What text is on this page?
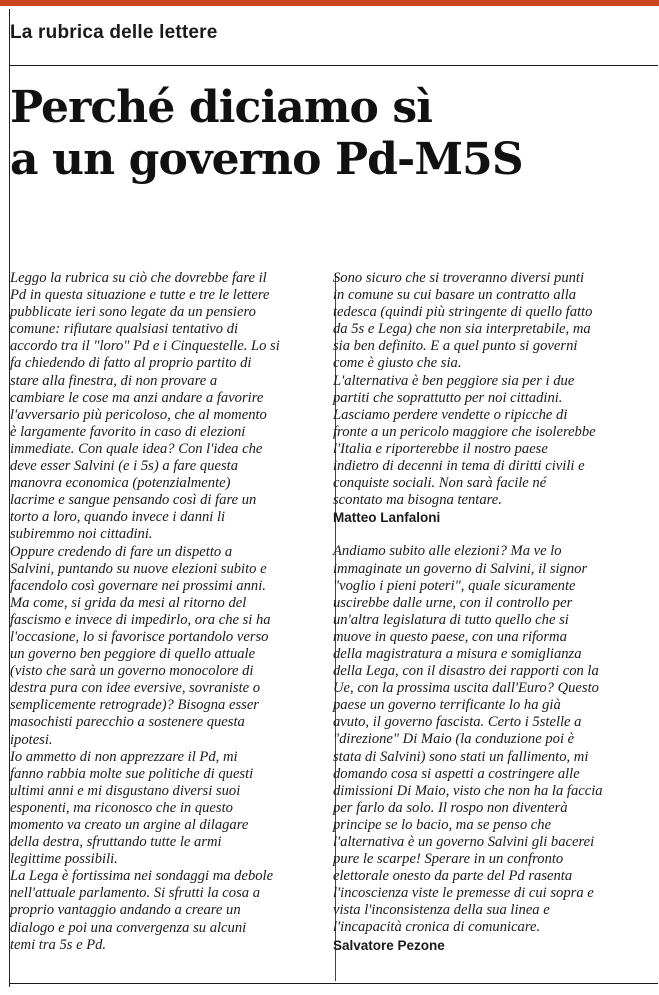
La rubrica delle lettere
Perché diciamo sì
a un governo Pd-M5S

Leggo la rubrica su ciò che dovrebbe fare il
Pd in questa situazione e tutte e tre le lettere
pubblicate ieri sono legate da un pensiero
comune: rifiutare qualsiasi tentativo di
accordo tra il "loro" Pd e i Cinquestelle. Lo si
fa chiedendo di fatto al proprio partito di
stare alla finestra, di non provare a
cambiare le cose ma anzi andare a favorire
l'avversario più pericoloso, che al momento
è largamente favorito in caso di elezioni
immediate. Con quale idea? Con l'idea che
deve esser Salvini (e i 5s) a fare questa
manovra economica (potenzialmente)
lacrime e sangue pensando così di fare un
torto a loro, quando invece i danni li
subiremmo noi cittadini.
Oppure credendo di fare un dispetto a
Salvini, puntando su nuove elezioni subito e
facendolo così governare nei prossimi anni.
Ma come, si grida da mesi al ritorno del
fascismo e invece di impedirlo, ora che si ha
l'occasione, lo si favorisce portandolo verso
un governo ben peggiore di quello attuale
(visto che sarà un governo monocolore di
destra pura con idee eversive, sovraniste o
semplicemente retrograde)? Bisogna esser
masochisti parecchio a sostenere questa
ipotesi.
Io ammetto di non apprezzare il Pd, mi
fanno rabbia molte sue politiche di questi
ultimi anni e mi disgustano diversi suoi
esponenti, ma riconosco che in questo
momento va creato un argine al dilagare
della destra, sfruttando tutte le armi
legittime possibili.
La Lega è fortissima nei sondaggi ma debole
nell'attuale parlamento. Si sfrutti la cosa a
proprio vantaggio andando a creare un
dialogo e poi una convergenza su alcuni
temi tra 5s e Pd.

Sono sicuro che si troveranno diversi punti
in comune su cui basare un contratto alla
tedesca (quindi più stringente di quello fatto
da 5s e Lega) che non sia interpretabile, ma
sia ben definito. E a quel punto si governi
come è giusto che sia.
L'alternativa è ben peggiore sia per i due
partiti che soprattutto per noi cittadini.
Lasciamo perdere vendette o ripicche di
fronte a un pericolo maggiore che isolerebbe
l'Italia e riporterebbe il nostro paese
indietro di decenni in tema di diritti civili e
conquiste sociali. Non sarà facile né
scontato ma bisogna tentare.

Matteo Lanfaloni

Andiamo subito alle elezioni? Ma ve lo
immaginate un governo di Salvini, il signor
"voglio i pieni poteri", quale sicuramente
uscirebbe dalle urne, con il controllo per
un'altra legislatura di tutto quello che si
muove in questo paese, con una riforma
della magistratura a misura e somiglianza
della Lega, con il disastro dei rapporti con la
Ue, con la prossima uscita dall'Euro? Questo
paese un governo terrificante lo ha già
avuto, il governo fascista. Certo i 5stelle a
"direzione" Di Maio (la conduzione poi è
stata di Salvini) sono stati un fallimento, mi
domando cosa si aspetti a costringere alle
dimissioni Di Maio, visto che non ha la faccia
per farlo da solo. Il rospo non diventerà
principe se lo bacio, ma se penso che
l'alternativa è un governo Salvini gli bacerei
pure le scarpe! Sperare in un confronto
elettorale onesto da parte del Pd rasenta
l'incoscienza viste le premesse di cui sopra e
vista l'inconsistenza della sua linea e
l'incapacità cronica di comunicare.

Salvatore Pezone
